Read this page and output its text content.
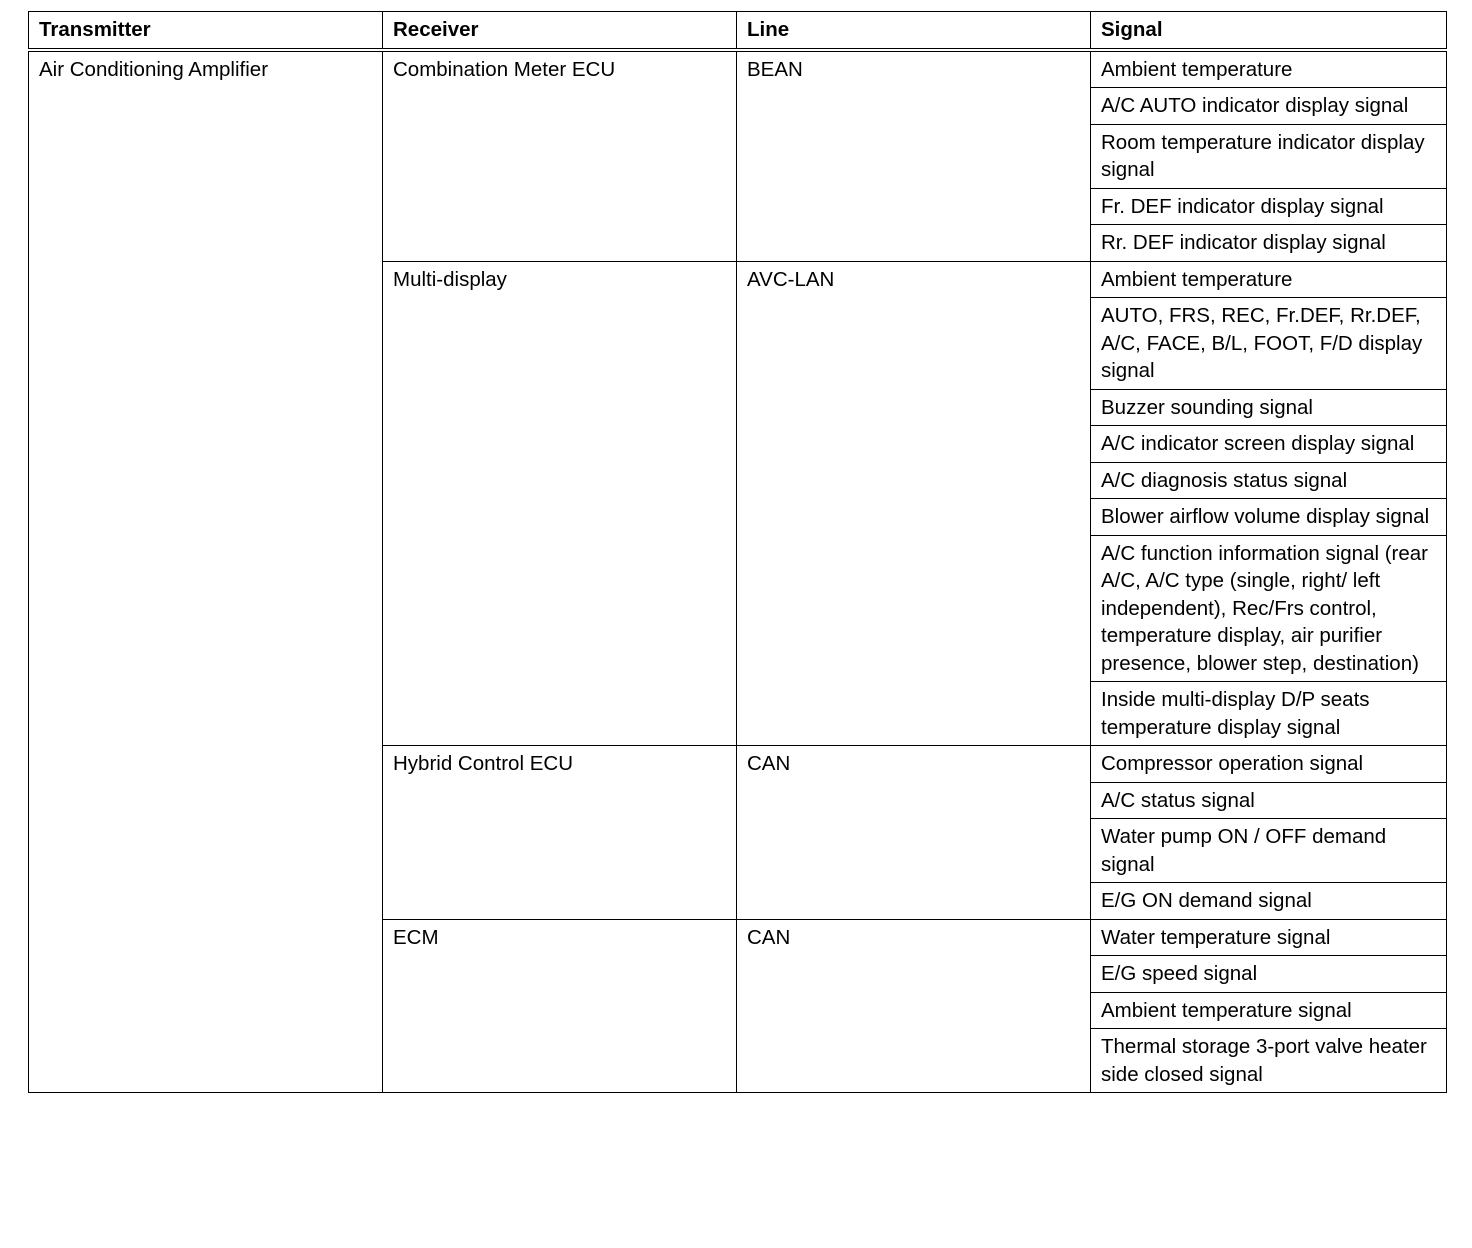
Transmitter	Receiver	Line	Signal
Air Conditioning Amplifier	Combination Meter ECU	BEAN	Ambient temperature
			A/C AUTO indicator display signal
			Room temperature indicator display signal
			Fr. DEF indicator display signal
			Rr. DEF indicator display signal
	Multi-display	AVC-LAN	Ambient temperature
			AUTO, FRS, REC, Fr.DEF, Rr.DEF, A/C, FACE, B/L, FOOT, F/D display signal
			Buzzer sounding signal
			A/C indicator screen display signal
			A/C diagnosis status signal
			Blower airflow volume display signal
			A/C function information signal (rear A/C, A/C type (single, right/ left independent), Rec/Frs control, temperature display, air purifier presence, blower step, destination)
			Inside multi-display D/P seats temperature display signal
	Hybrid Control ECU	CAN	Compressor operation signal
			A/C status signal
			Water pump ON / OFF demand signal
			E/G ON demand signal
	ECM	CAN	Water temperature signal
			E/G speed signal
			Ambient temperature signal
			Thermal storage 3-port valve heater side closed signal
